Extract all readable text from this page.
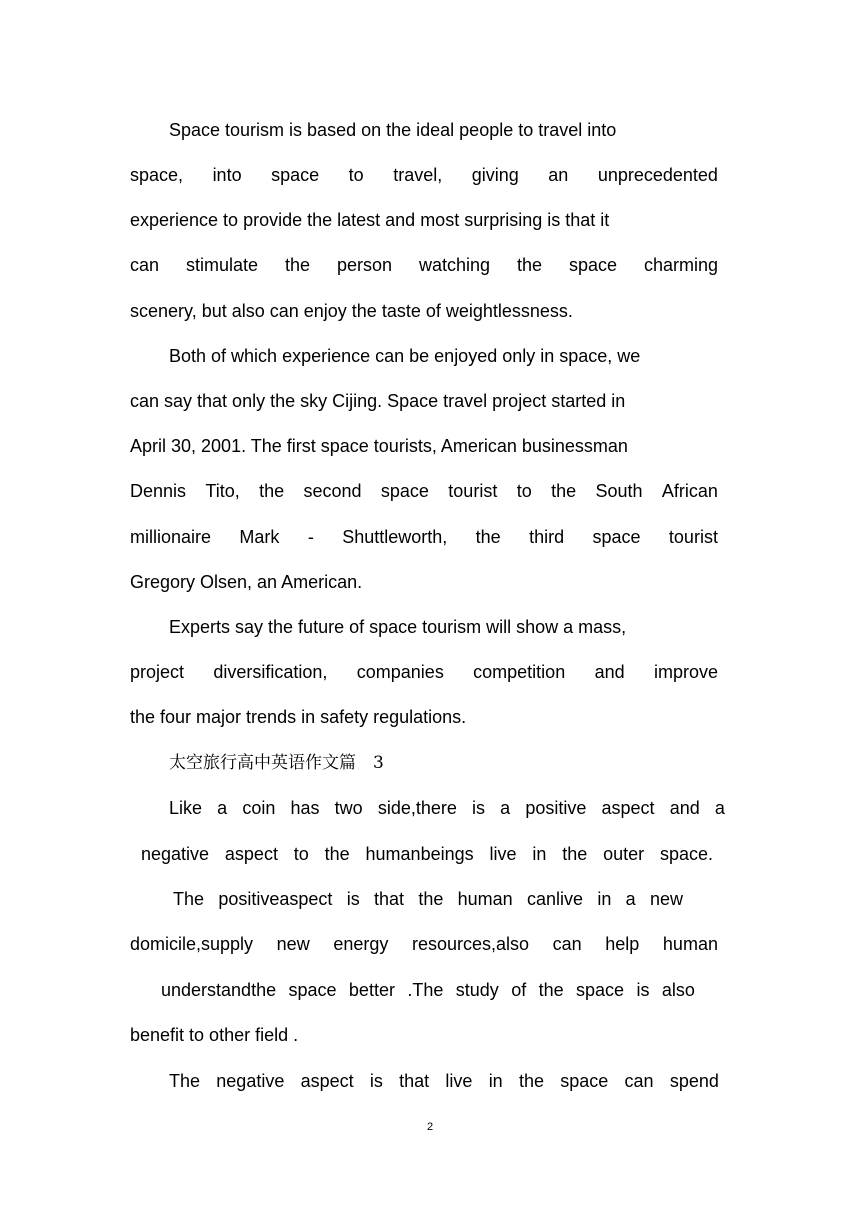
Space tourism is based on the ideal people to travel into
space, into space to travel, giving an unprecedented
experience to provide the latest and most surprising is that it
can stimulate the person watching the space charming
scenery, but also can enjoy the taste of weightlessness.
Both of which experience can be enjoyed only in space, we
can say that only the sky Cijing. Space travel project started in
April 30, 2001. The first space tourists, American businessman
Dennis Tito, the second space tourist to the South African
millionaire Mark - Shuttleworth, the third space tourist
Gregory Olsen, an American.
Experts say the future of space tourism will show a mass,
project diversification, companies competition and improve
the four major trends in safety regulations.
太空旅行高中英语作文篇　3
Like a coin has two side,there is a positive aspect and a
negative aspect to the humanbeings live in the outer space.
The positiveaspect is that the human canlive in a new
domicile,supply new energy resources,also can help human
understandthe space better .The study of the space is also
benefit to other field .
The negative aspect is that live in the space can spend
2
